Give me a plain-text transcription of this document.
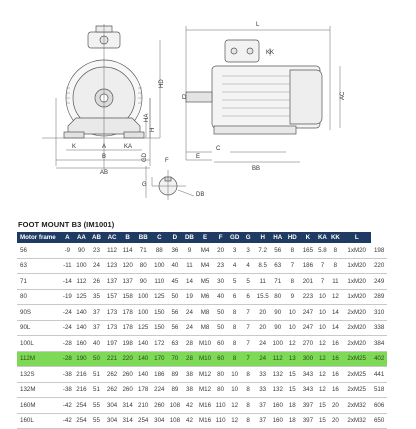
HD
H
HA
A	KA
K
B
AB
L
KK
AC
D
E
C
BB
F
GD
G
DB
FOOT MOUNT B3 (IM1001)
Motor frame	A	AA	AB	AC	B	BB	C	D	DB	E	F	GD	G	H	HA	HD	K	KA	KK	L	
56	-9	90	23	112	114	71	88	36	9	M4	20	3	3	7.2	56	8	165	5.8	8	1xM20	198
63	-11	100	24	123	120	80	100	40	11	M4	23	4	4	8.5	63	7	186	7	8	1xM20	220
71	-14	112	26	137	137	90	110	45	14	M5	30	5	5	11	71	8	201	7	11	1xM20	249
80	-19	125	35	157	158	100	125	50	19	M6	40	6	6	15.5	80	9	223	10	12	1xM20	289
90S	-24	140	37	173	178	100	150	56	24	M8	50	8	7	20	90	10	247	10	14	2xM20	310
90L	-24	140	37	173	178	125	150	56	24	M8	50	8	7	20	90	10	247	10	14	2xM20	338
100L	-28	160	40	197	198	140	172	63	28	M10	60	8	7	24	100	12	270	12	16	2xM20	384
112M	-28	190	50	221	220	140	170	70	28	M10	60	8	7	24	112	13	300	12	16	2xM25	402
132S	-38	216	51	262	260	140	186	89	38	M12	80	10	8	33	132	15	343	12	16	2xM25	441
132M	-38	216	51	262	260	178	224	89	38	M12	80	10	8	33	132	15	343	12	16	2xM25	518
160M	-42	254	55	304	314	210	260	108	42	M16	110	12	8	37	160	18	397	15	20	2xM32	606
160L	-42	254	55	304	314	254	304	108	42	M16	110	12	8	37	160	18	397	15	20	2xM32	650
